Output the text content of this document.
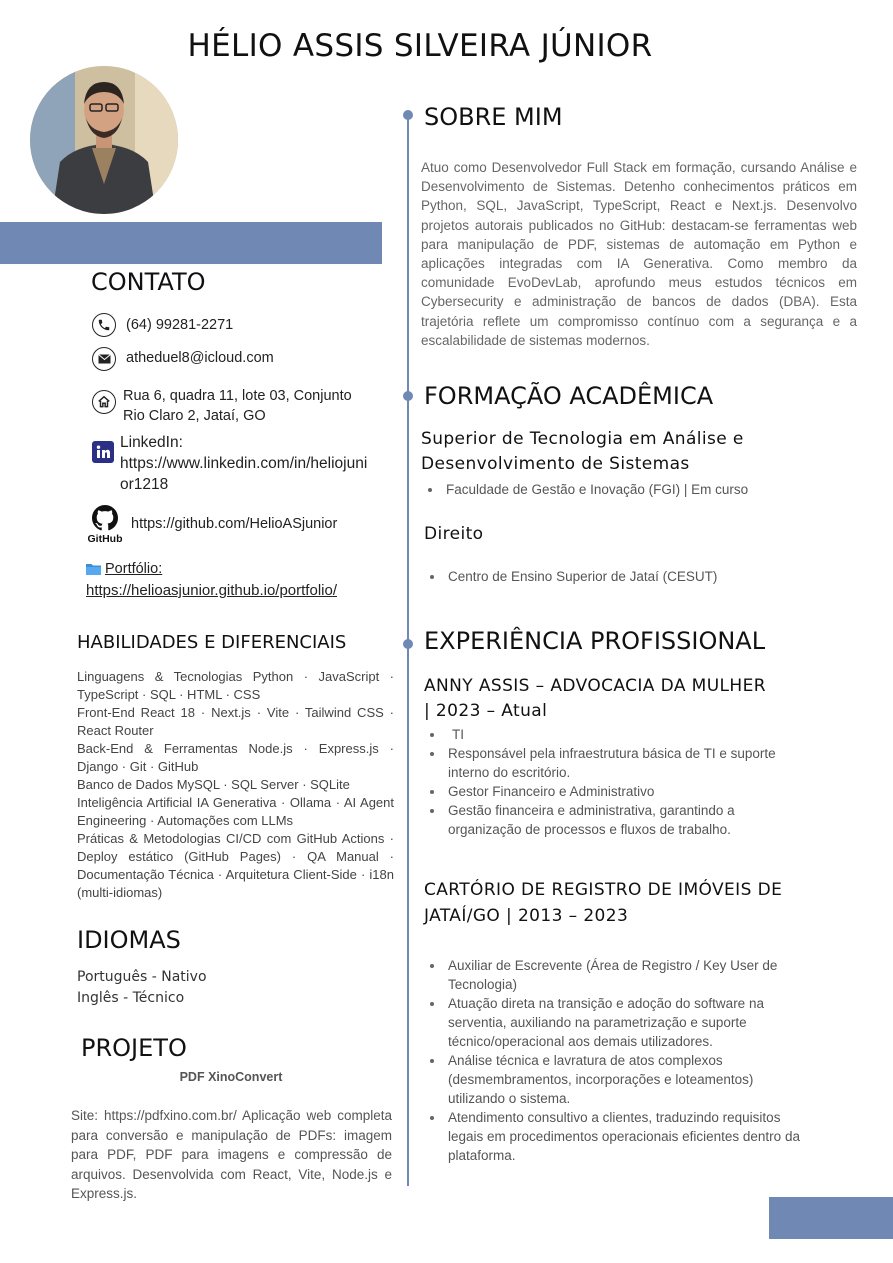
HÉLIO ASSIS SILVEIRA JÚNIOR
CONTATO
(64) 99281-2271
atheduel8@icloud.com
Rua 6, quadra 11, lote 03, Conjunto
Rio Claro 2, Jataí, GO
LinkedIn:
https://www.linkedin.com/in/heliojunior1218
GitHub
https://github.com/HelioASjunior
Portfólio:
https://helioasjunior.github.io/portfolio/
HABILIDADES E DIFERENCIAIS
Linguagens & Tecnologias Python · JavaScript · TypeScript · SQL · HTML · CSS
Front-End React 18 · Next.js · Vite · Tailwind CSS · React Router
Back-End & Ferramentas Node.js · Express.js · Django · Git · GitHub
Banco de Dados MySQL · SQL Server · SQLite
Inteligência Artificial IA Generativa · Ollama · AI Agent Engineering · Automações com LLMs
Práticas & Metodologias CI/CD com GitHub Actions · Deploy estático (GitHub Pages) · QA Manual · Documentação Técnica · Arquitetura Client-Side · i18n (multi-idiomas)
IDIOMAS
Português - Nativo
Inglês - Técnico
PROJETO
PDF XinoConvert
Site: https://pdfxino.com.br/ Aplicação web completa para conversão e manipulação de PDFs: imagem para PDF, PDF para imagens e compressão de arquivos. Desenvolvida com React, Vite, Node.js e Express.js.
SOBRE MIM
Atuo como Desenvolvedor Full Stack em formação, cursando Análise e Desenvolvimento de Sistemas. Detenho conhecimentos práticos em Python, SQL, JavaScript, TypeScript, React e Next.js. Desenvolvo projetos autorais publicados no GitHub: destacam-se ferramentas web para manipulação de PDF, sistemas de automação em Python e aplicações integradas com IA Generativa. Como membro da comunidade EvoDevLab, aprofundo meus estudos técnicos em Cybersecurity e administração de bancos de dados (DBA). Esta trajetória reflete um compromisso contínuo com a segurança e a escalabilidade de sistemas modernos.
FORMAÇÃO ACADÊMICA
Superior de Tecnologia em Análise e
Desenvolvimento de Sistemas
Faculdade de Gestão e Inovação (FGI) | Em curso
Direito
Centro de Ensino Superior de Jataí (CESUT)
EXPERIÊNCIA PROFISSIONAL
ANNY ASSIS – ADVOCACIA DA MULHER
| 2023 – Atual
TI
Responsável pela infraestrutura básica de TI e suporte interno do escritório.
Gestor Financeiro e Administrativo
Gestão financeira e administrativa, garantindo a organização de processos e fluxos de trabalho.
CARTÓRIO DE REGISTRO DE IMÓVEIS DE
JATAÍ/GO | 2013 – 2023
Auxiliar de Escrevente (Área de Registro / Key User de Tecnologia)
Atuação direta na transição e adoção do software na serventia, auxiliando na parametrização e suporte técnico/operacional aos demais utilizadores.
Análise técnica e lavratura de atos complexos (desmembramentos, incorporações e loteamentos) utilizando o sistema.
Atendimento consultivo a clientes, traduzindo requisitos legais em procedimentos operacionais eficientes dentro da plataforma.
